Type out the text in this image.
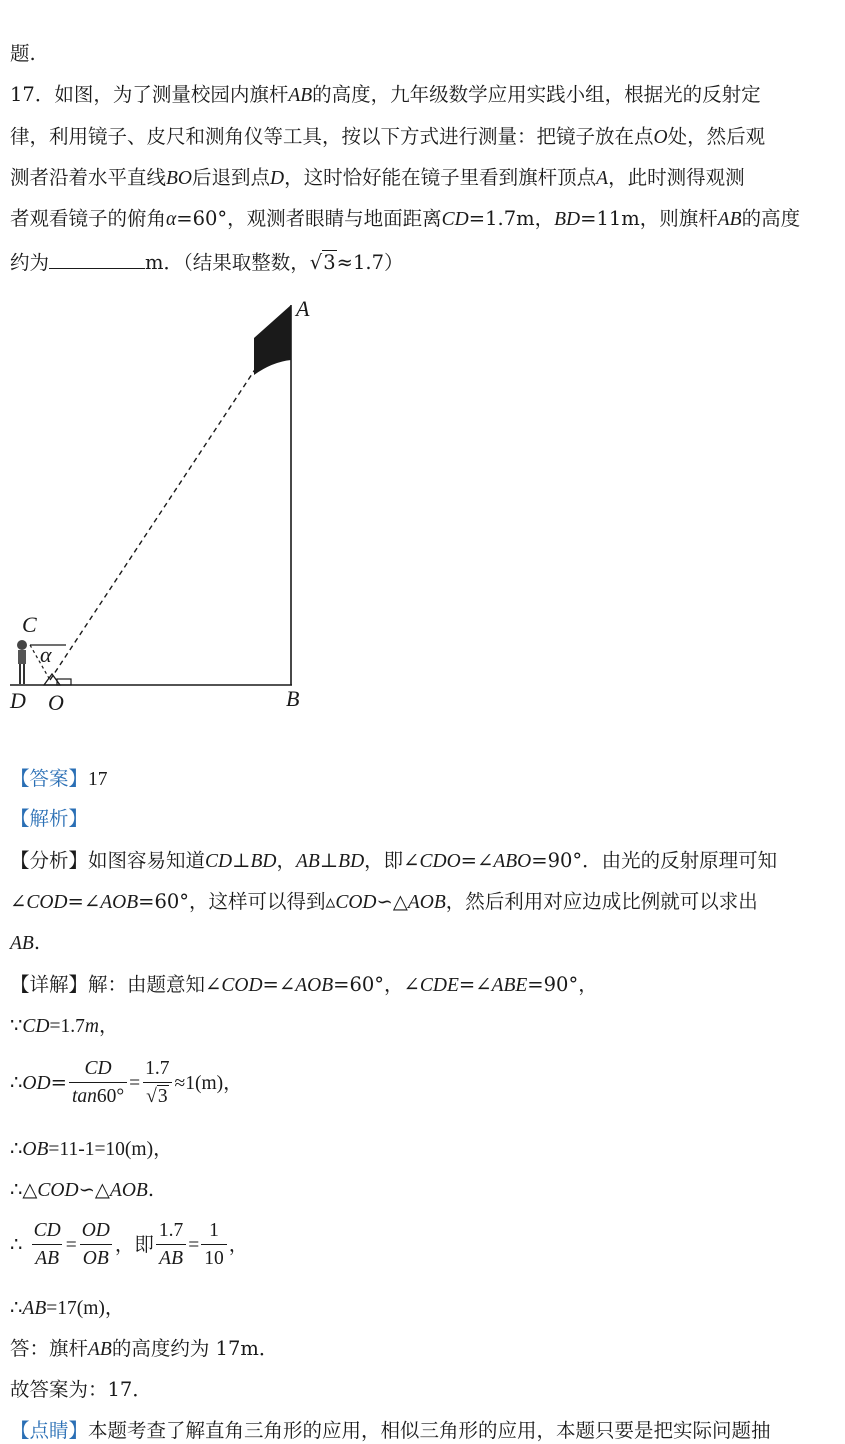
题.
17．如图，为了测量校园内旗杆AB的高度，九年级数学应用实践小组，根据光的反射定
律，利用镜子、皮尺和测角仪等工具，按以下方式进行测量：把镜子放在点O处，然后观
测者沿着水平直线BO后退到点D，这时恰好能在镜子里看到旗杆顶点A，此时测得观测
者观看镜子的俯角α=60°，观测者眼睛与地面距离CD=1.7m，BD=11m，则旗杆AB的高度
约为	m．（结果取整数，√3≈1.7）
A
B
C
D O
α
【答案】17
【解析】
【分析】如图容易知道CD⊥BD，AB⊥BD，即∠CDO=∠ABO=90°．由光的反射原理可知
∠COD=∠AOB=60°，这样可以得到▵COD∽△AOB，然后利用对应边成比例就可以求出
AB.
【详解】解：由题意知∠COD=∠AOB=60°，∠CDE=∠ABE=90°，
∵CD=1.7m，
∴OD= $\frac{CD}{\tan 60^\circ} = \frac{1.7}{√3} \approx 1(m)$，
∴OB=11-1=10(m)，
∴△COD∽△AOB.
∴ $\frac{CD}{AB} = \frac{OD}{OB}$ ，即 $\frac{1.7}{AB} = \frac{1}{10}$ ，
∴AB=17(m)，
答：旗杆AB的高度约为 17m．
故答案为：17．
【点睛】本题考查了解直角三角形的应用，相似三角形的应用，本题只要是把实际问题抽
